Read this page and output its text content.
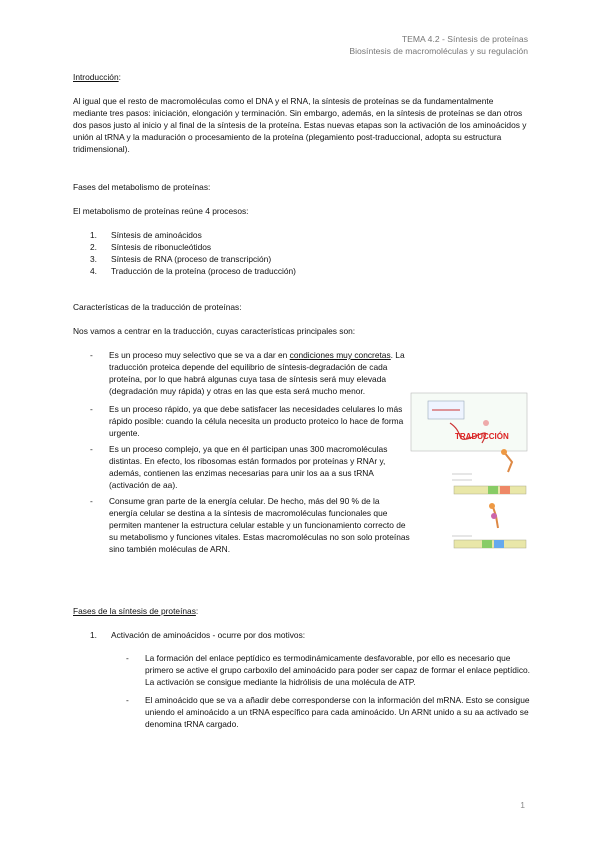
TEMA 4.2 - Síntesis de proteínas
Biosíntesis de macromoléculas y su regulación
Introducción:
Al igual que el resto de macromoléculas como el DNA y el RNA, la síntesis de proteínas se da fundamentalmente mediante tres pasos: iniciación, elongación y terminación. Sin embargo, además, en la síntesis de proteínas se dan otros dos pasos justo al inicio y al final de la síntesis de la proteína. Estas nuevas etapas son la activación de los aminoácidos y unión al tRNA y la maduración o procesamiento de la proteína (plegamiento post-traduccional, adopta su estructura tridimensional).
Fases del metabolismo de proteínas:
El metabolismo de proteínas reúne 4 procesos:
1.	Síntesis de aminoácidos
2.	Síntesis de ribonucleótidos
3.	Síntesis de RNA (proceso de transcripción)
4.	Traducción de la proteína (proceso de traducción)
Características de la traducción de proteínas:
Nos vamos a centrar en la traducción, cuyas características principales son:
- Es un proceso muy selectivo que se va a dar en condiciones muy concretas. La traducción proteica depende del equilibrio de síntesis-degradación de cada proteína, por lo que habrá algunas cuya tasa de síntesis será muy elevada (degradación muy rápida) y otras en las que esta será mucho menor.
- Es un proceso rápido, ya que debe satisfacer las necesidades celulares lo más rápido posible: cuando la célula necesita un producto proteico lo hace de forma urgente.
- Es un proceso complejo, ya que en él participan unas 300 macromoléculas distintas. En efecto, los ribosomas están formados por proteínas y RNAr y, además, contienen las enzimas necesarias para unir los aa a sus tRNA (activación de aa).
- Consume gran parte de la energía celular. De hecho, más del 90 % de la energía celular se destina a la síntesis de macromoléculas funcionales que permiten mantener la estructura celular estable y un funcionamiento correcto de su metabolismo y funciones vitales. Estas macromoléculas no son solo proteínas sino también moléculas de ARN.
TRADUCCIÓN
Fases de la síntesis de proteínas:
1.	Activación de aminoácidos - ocurre por dos motivos:
- La formación del enlace peptídico es termodinámicamente desfavorable, por ello es necesario que primero se active el grupo carboxilo del aminoácido para poder ser capaz de formar el enlace peptídico. La activación se consigue mediante la hidrólisis de una molécula de ATP.
- El aminoácido que se va a añadir debe corresponderse con la información del mRNA. Esto se consigue uniendo el aminoácido a un tRNA específico para cada aminoácido. Un ARNt unido a su aa activado se denomina tRNA cargado.
1
